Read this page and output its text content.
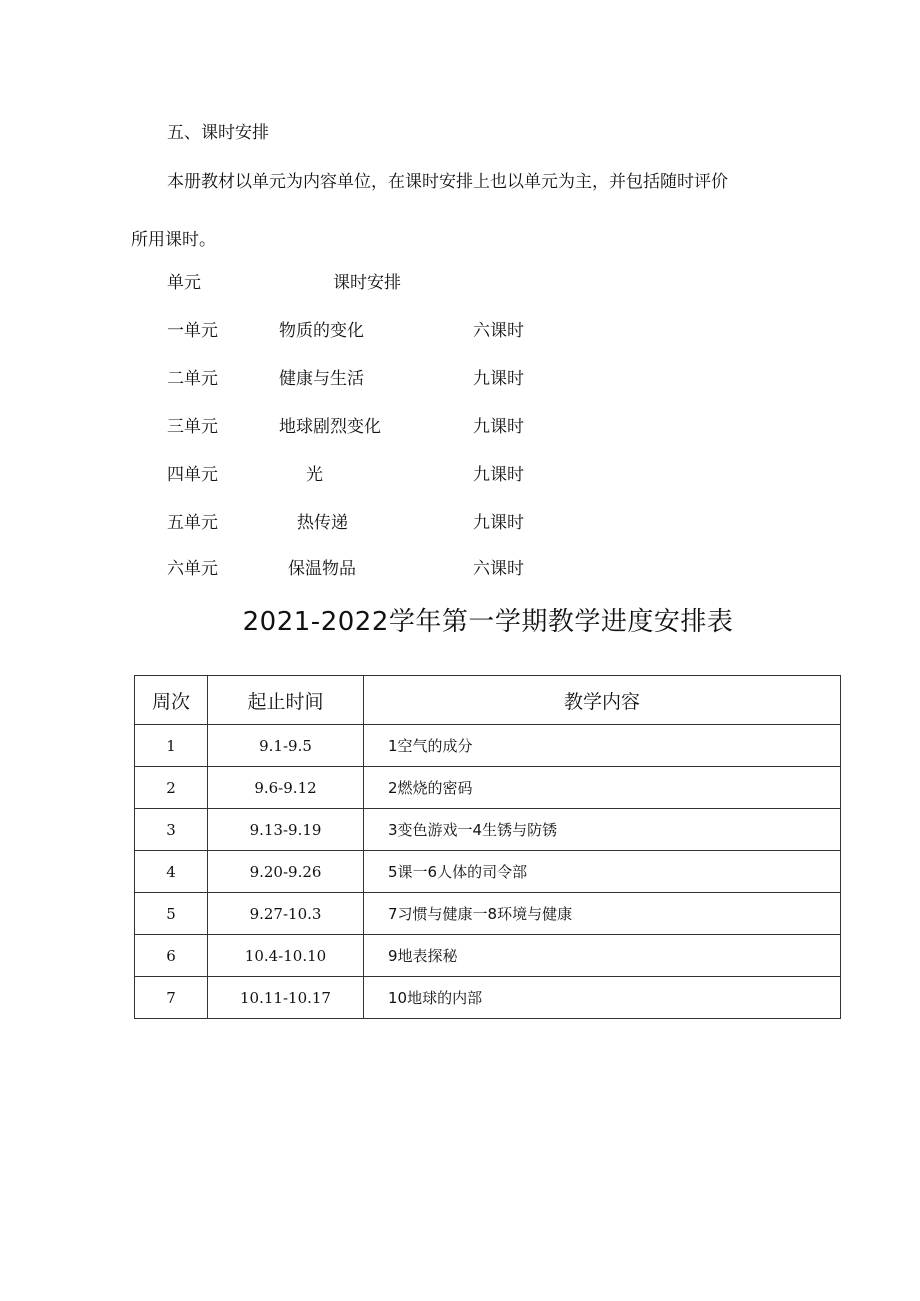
五、课时安排
本册教材以单元为内容单位，在课时安排上也以单元为主，并包括随时评价
所用课时。
单元	课时安排
一单元	物质的变化	六课时
二单元	健康与生活	九课时
三单元	地球剧烈变化	九课时
四单元	光	九课时
五单元	热传递	九课时
六单元	保温物品	六课时
2021-2022学年第一学期教学进度安排表
周次	起止时间	教学内容
1	9.1-9.5	1空气的成分
2	9.6-9.12	2燃烧的密码
3	9.13-9.19	3变色游戏一4生锈与防锈
4	9.20-9.26	5课一6人体的司令部
5	9.27-10.3	7习惯与健康一8环境与健康
6	10.4-10.10	9地表探秘
7	10.11-10.17	10地球的内部
